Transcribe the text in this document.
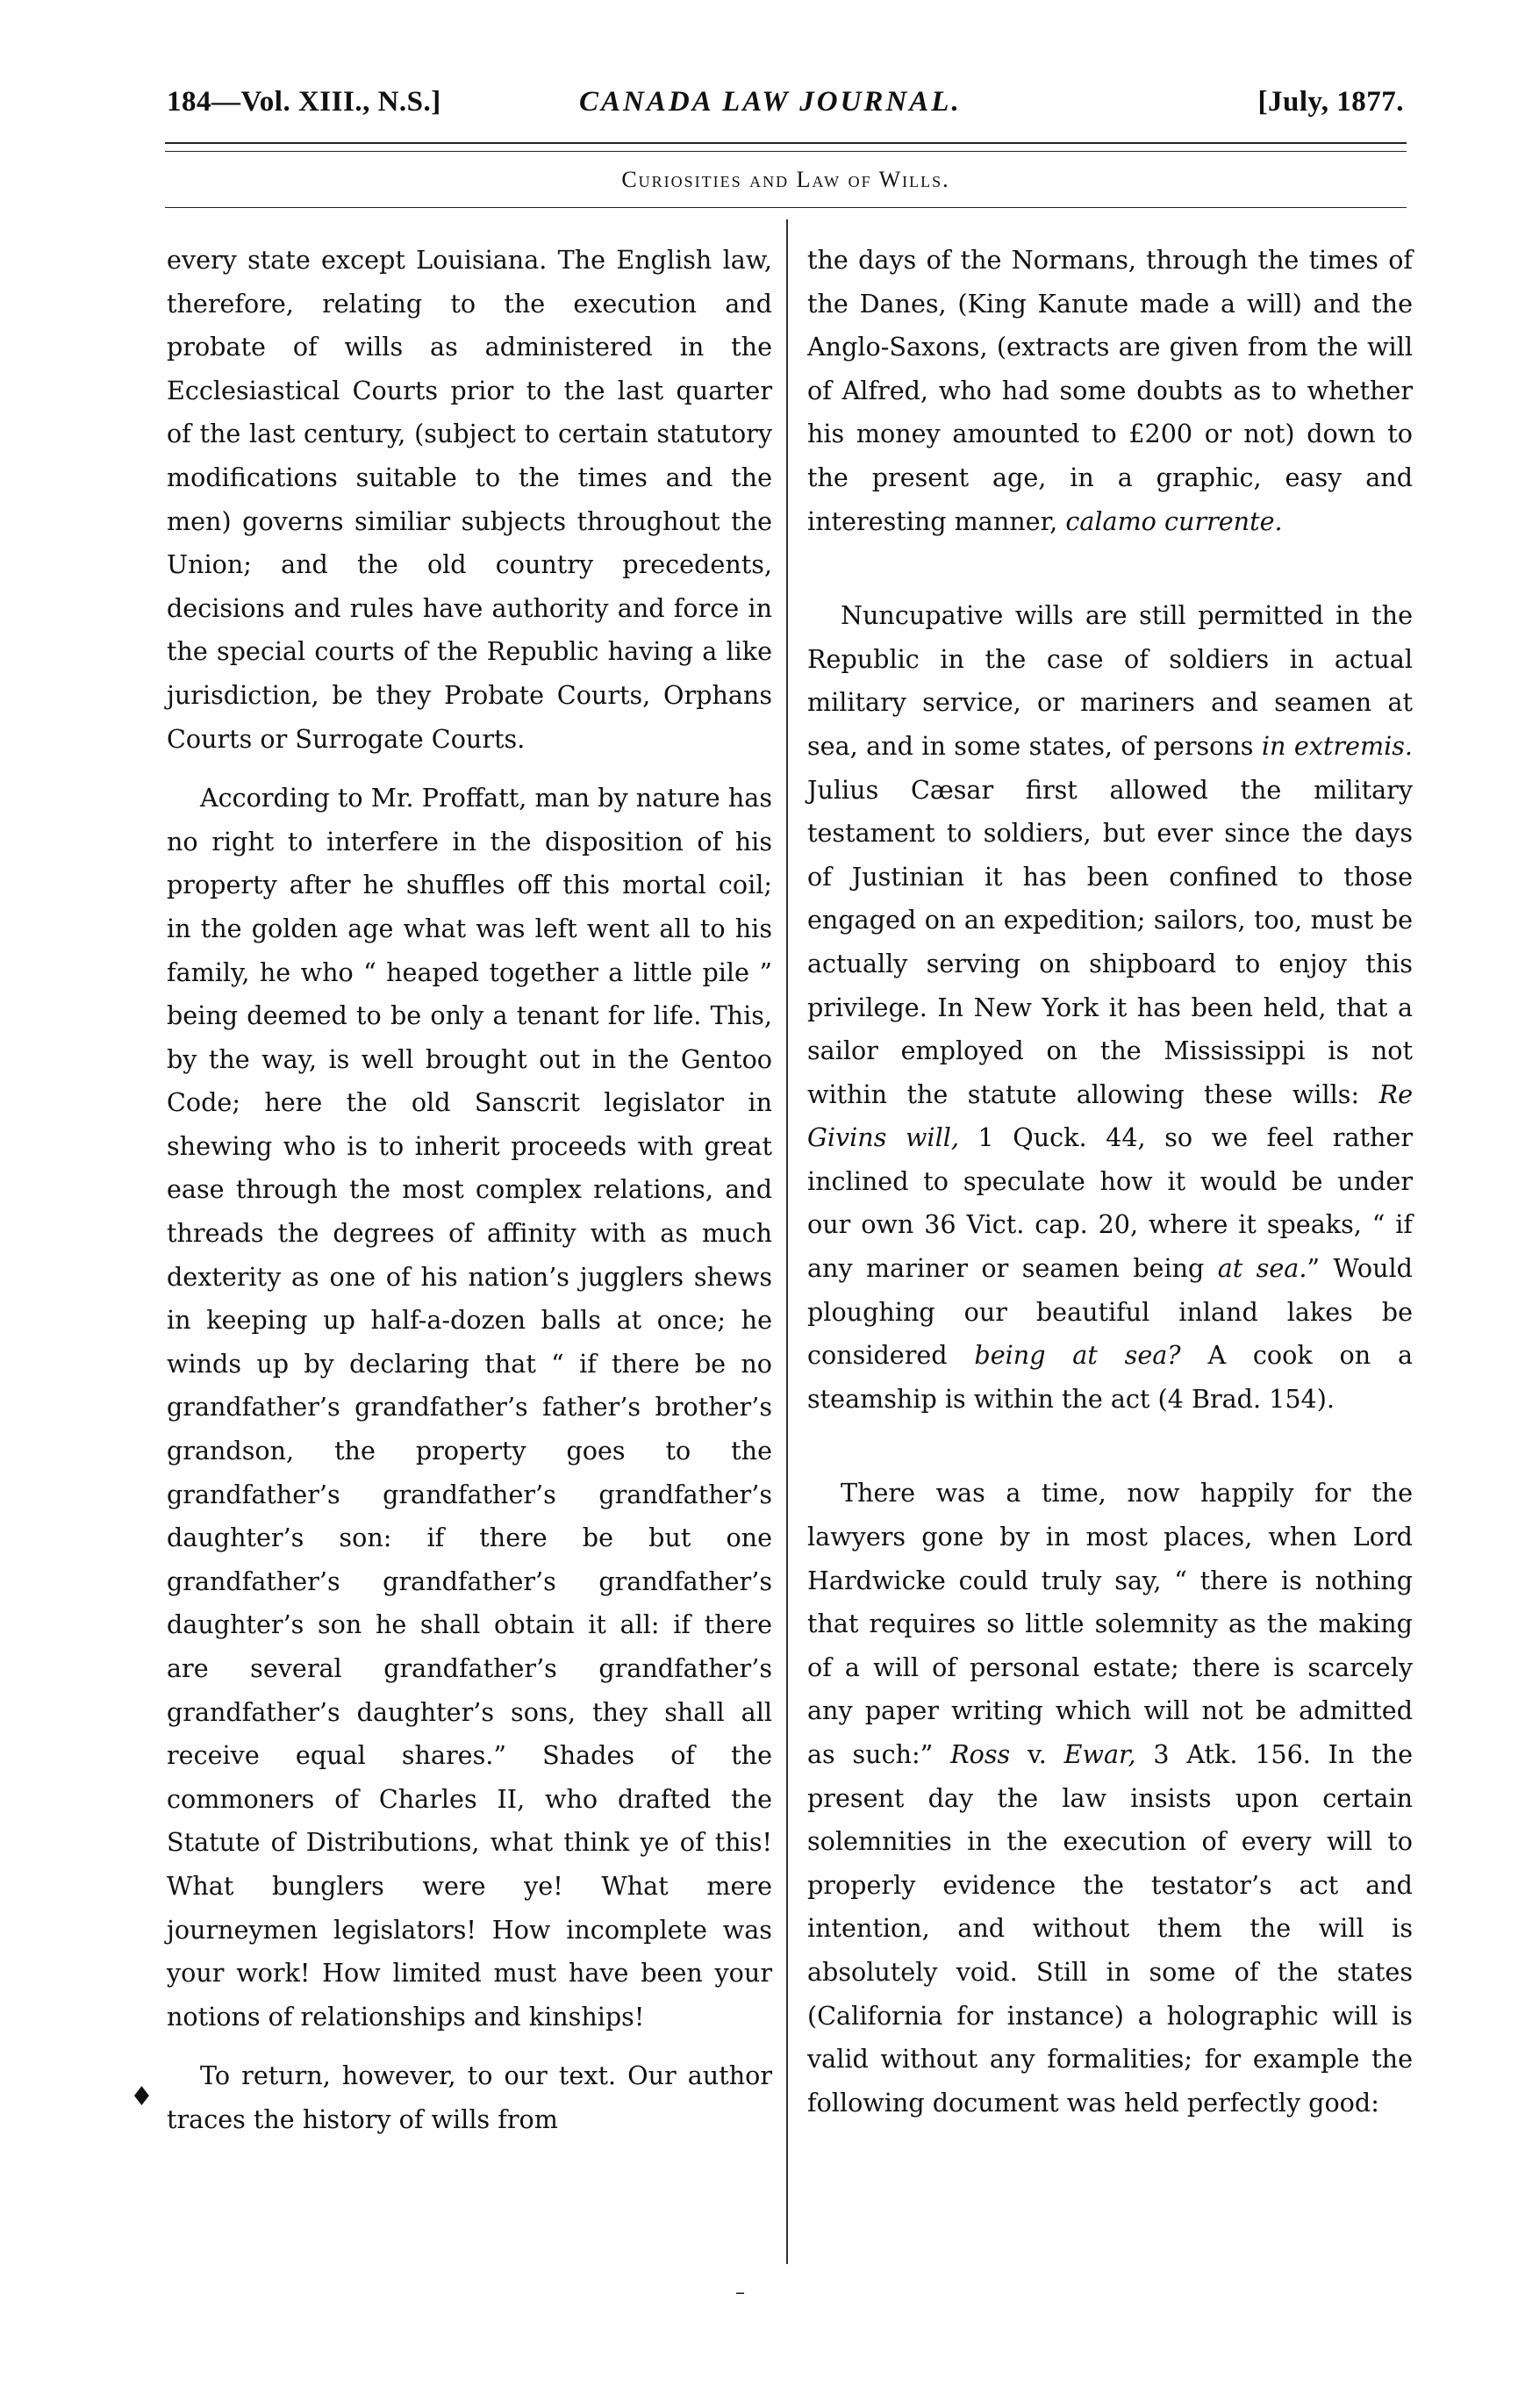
184—Vol. XIII., N.S.]	CANADA LAW JOURNAL.	[July, 1877.
Curiosities and Law of Wills.

every state except Louisiana. The English law, therefore, relating to the execution and probate of wills as administered in the Ecclesiastical Courts prior to the last quarter of the last century, (subject to certain statutory modifications suitable to the times and the men) governs similiar subjects throughout the Union; and the old country precedents, decisions and rules have authority and force in the special courts of the Republic having a like jurisdiction, be they Probate Courts, Orphans Courts or Surrogate Courts.

According to Mr. Proffatt, man by nature has no right to interfere in the disposition of his property after he shuffles off this mortal coil; in the golden age what was left went all to his family, he who “ heaped together a little pile ” being deemed to be only a tenant for life. This, by the way, is well brought out in the Gentoo Code; here the old Sanscrit legislator in shewing who is to inherit proceeds with great ease through the most complex relations, and threads the degrees of affinity with as much dexterity as one of his nation’s jugglers shews in keeping up half-a-dozen balls at once; he winds up by declaring that “ if there be no grandfather’s grandfather’s father’s brother’s grandson, the property goes to the grandfather’s grandfather’s grandfather’s daughter’s son: if there be but one grandfather’s grandfather’s grandfather’s daughter’s son he shall obtain it all: if there are several grandfather’s grandfather’s grandfather’s daughter’s sons, they shall all receive equal shares.” Shades of the commoners of Charles II, who drafted the Statute of Distributions, what think ye of this! What bunglers were ye! What mere journeymen legislators! How incomplete was your work! How limited must have been your notions of relationships and kinships!

To return, however, to our text. Our author traces the history of wills from

the days of the Normans, through the times of the Danes, (King Kanute made a will) and the Anglo-Saxons, (extracts are given from the will of Alfred, who had some doubts as to whether his money amounted to £200 or not) down to the present age, in a graphic, easy and interesting manner, calamo currente.

Nuncupative wills are still permitted in the Republic in the case of soldiers in actual military service, or mariners and seamen at sea, and in some states, of persons in extremis. Julius Cæsar first allowed the military testament to soldiers, but ever since the days of Justinian it has been confined to those engaged on an expedition; sailors, too, must be actually serving on shipboard to enjoy this privilege. In New York it has been held, that a sailor employed on the Mississippi is not within the statute allowing these wills: Re Givins will, 1 Quck. 44, so we feel rather inclined to speculate how it would be under our own 36 Vict. cap. 20, where it speaks, “ if any mariner or seamen being at sea.” Would ploughing our beautiful inland lakes be considered being at sea? A cook on a steamship is within the act (4 Brad. 154).

There was a time, now happily for the lawyers gone by in most places, when Lord Hardwicke could truly say, “ there is nothing that requires so little solemnity as the making of a will of personal estate; there is scarcely any paper writing which will not be admitted as such:” Ross v. Ewar, 3 Atk. 156. In the present day the law insists upon certain solemnities in the execution of every will to properly evidence the testator’s act and intention, and without them the will is absolutely void. Still in some of the states (California for instance) a holographic will is valid without any formalities; for example the following document was held perfectly good:

♦
–
